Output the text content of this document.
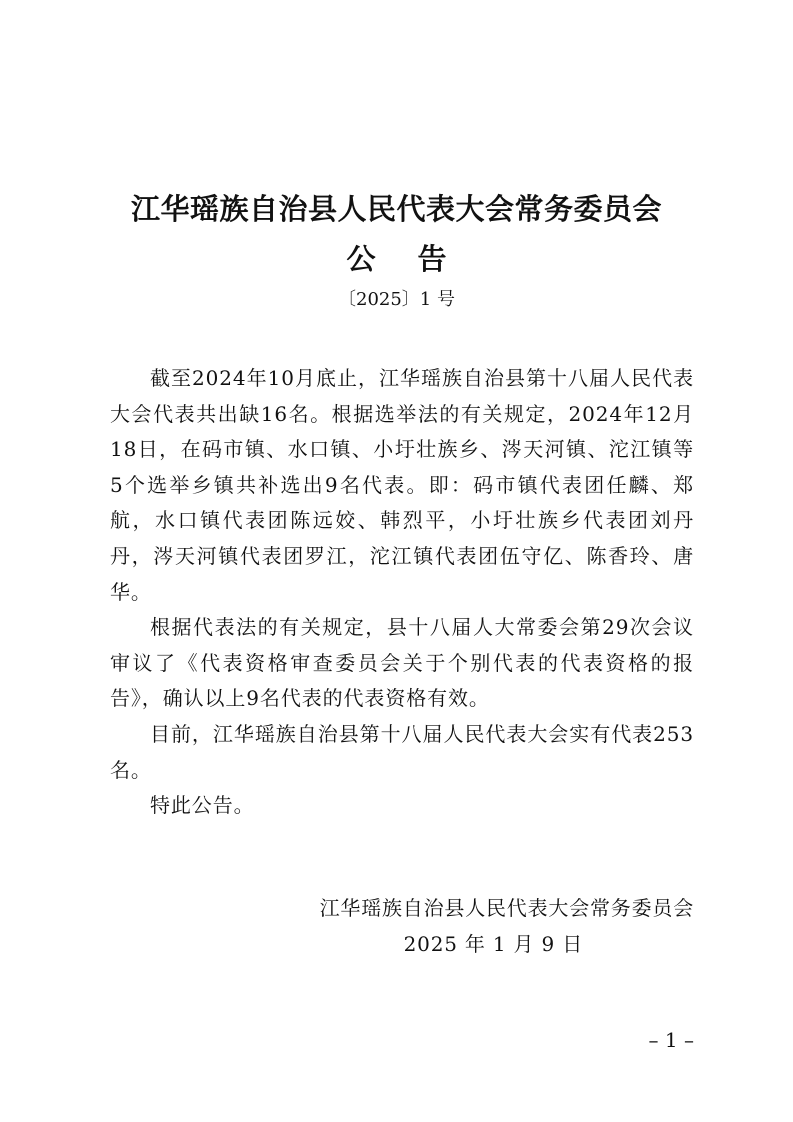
江华瑶族自治县人民代表大会常务委员会
公告
〔2025〕1 号

截至2024年10月底止，江华瑶族自治县第十八届人民代表大会代表共出缺16名。根据选举法的有关规定，2024年12月18日，在码市镇、水口镇、小圩壮族乡、涔天河镇、沱江镇等5个选举乡镇共补选出9名代表。即：码市镇代表团任麟、郑航，水口镇代表团陈远姣、韩烈平，小圩壮族乡代表团刘丹丹，涔天河镇代表团罗江，沱江镇代表团伍守亿、陈香玲、唐华。

根据代表法的有关规定，县十八届人大常委会第29次会议审议了《代表资格审查委员会关于个别代表的代表资格的报告》，确认以上9名代表的代表资格有效。

目前，江华瑶族自治县第十八届人民代表大会实有代表253名。

特此公告。

江华瑶族自治县人民代表大会常务委员会
2025 年 1 月 9 日
– 1 –
